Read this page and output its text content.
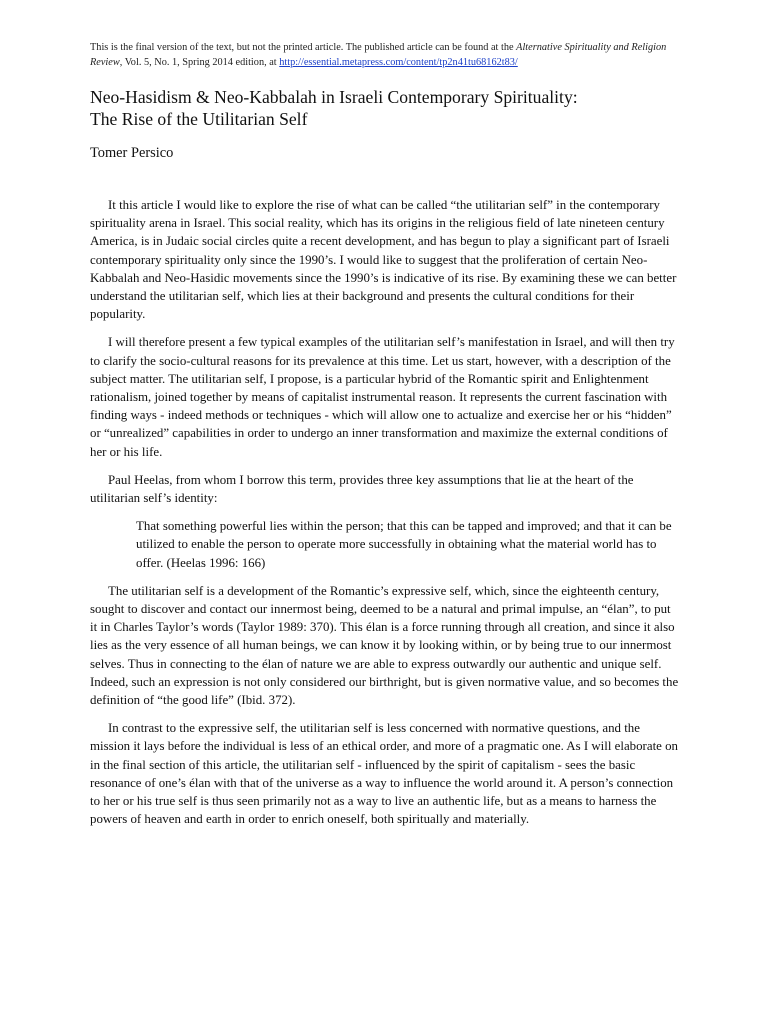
This is the final version of the text, but not the printed article. The published article can be found at the Alternative Spirituality and Religion Review, Vol. 5, No. 1, Spring 2014 edition, at http://essential.metapress.com/content/tp2n41tu68162t83/

Neo-Hasidism & Neo-Kabbalah in Israeli Contemporary Spirituality:
The Rise of the Utilitarian Self
Tomer Persico

It this article I would like to explore the rise of what can be called “the utilitarian self” in the contemporary spirituality arena in Israel. This social reality, which has its origins in the religious field of late nineteen century America, is in Judaic social circles quite a recent development, and has begun to play a significant part of Israeli contemporary spirituality only since the 1990’s. I would like to suggest that the proliferation of certain Neo-Kabbalah and Neo-Hasidic movements since the 1990’s is indicative of its rise. By examining these we can better understand the utilitarian self, which lies at their background and presents the cultural conditions for their popularity.

I will therefore present a few typical examples of the utilitarian self’s manifestation in Israel, and will then try to clarify the socio-cultural reasons for its prevalence at this time. Let us start, however, with a description of the subject matter. The utilitarian self, I propose, is a particular hybrid of the Romantic spirit and Enlightenment rationalism, joined together by means of capitalist instrumental reason. It represents the current fascination with finding ways - indeed methods or techniques - which will allow one to actualize and exercise her or his “hidden” or “unrealized” capabilities in order to undergo an inner transformation and maximize the external conditions of her or his life.

Paul Heelas, from whom I borrow this term, provides three key assumptions that lie at the heart of the utilitarian self’s identity:

That something powerful lies within the person; that this can be tapped and improved; and that it can be utilized to enable the person to operate more successfully in obtaining what the material world has to offer. (Heelas 1996: 166)

The utilitarian self is a development of the Romantic’s expressive self, which, since the eighteenth century, sought to discover and contact our innermost being, deemed to be a natural and primal impulse, an “élan”, to put it in Charles Taylor’s words (Taylor 1989: 370). This élan is a force running through all creation, and since it also lies as the very essence of all human beings, we can know it by looking within, or by being true to our innermost selves. Thus in connecting to the élan of nature we are able to express outwardly our authentic and unique self. Indeed, such an expression is not only considered our birthright, but is given normative value, and so becomes the definition of “the good life” (Ibid. 372).

In contrast to the expressive self, the utilitarian self is less concerned with normative questions, and the mission it lays before the individual is less of an ethical order, and more of a pragmatic one. As I will elaborate on in the final section of this article, the utilitarian self - influenced by the spirit of capitalism - sees the basic resonance of one’s élan with that of the universe as a way to influence the world around it. A person’s connection to her or his true self is thus seen primarily not as a way to live an authentic life, but as a means to harness the powers of heaven and earth in order to enrich oneself, both spiritually and materially.
